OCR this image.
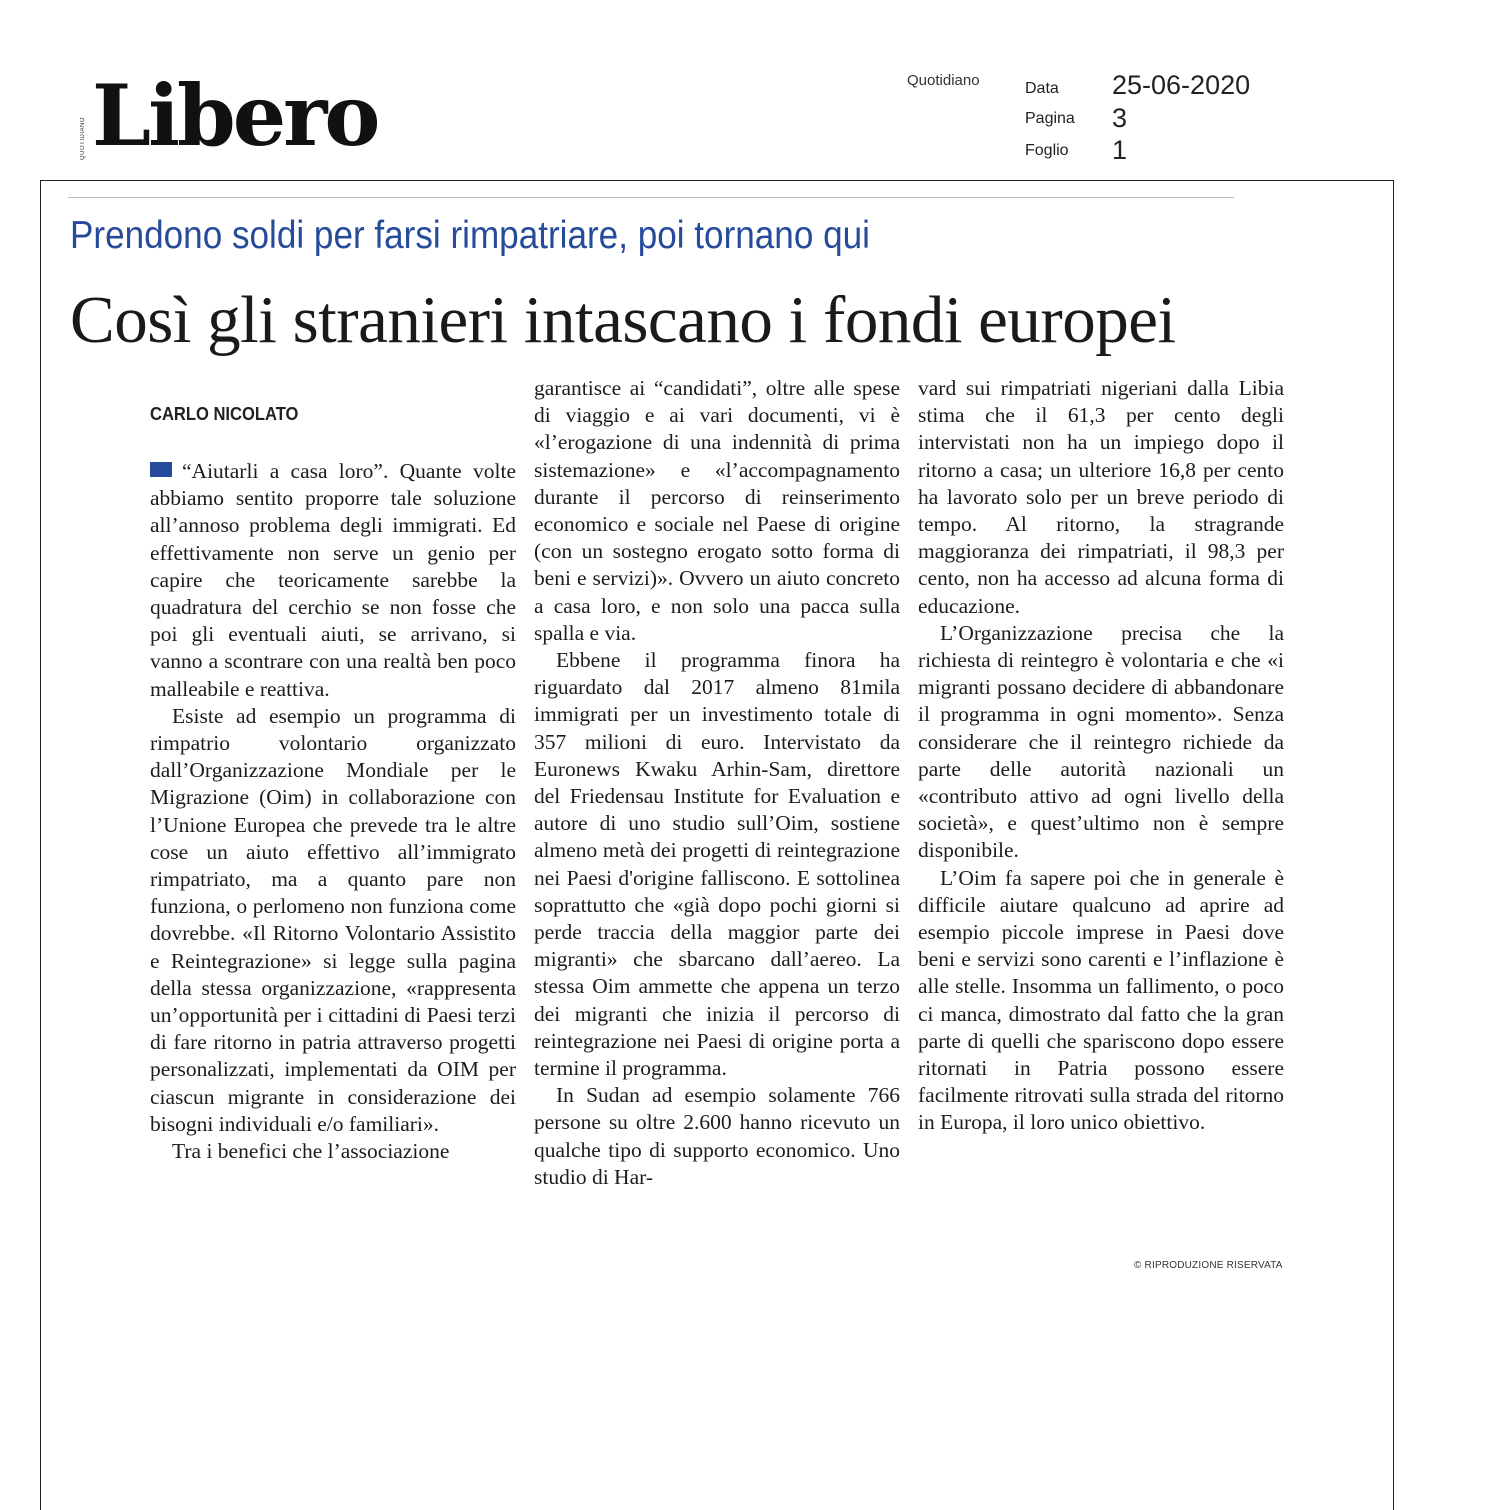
QUOTIDIANO Libero	Quotidiano	Data 25-06-2020
Pagina 3
Foglio 1
Prendono soldi per farsi rimpatriare, poi tornano qui
Così gli stranieri intascano i fondi europei
CARLO NICOLATO

“Aiutarli a casa loro”. Quante volte abbiamo sentito proporre tale soluzione all’annoso problema degli immigrati. Ed effettivamente non serve un genio per capire che teoricamente sarebbe la quadratura del cerchio se non fosse che poi gli eventuali aiuti, se arrivano, si vanno a scontrare con una realtà ben poco malleabile e reattiva.

Esiste ad esempio un programma di rimpatrio volontario organizzato dall’Organizzazione Mondiale per le Migrazione (Oim) in collaborazione con l’Unione Europea che prevede tra le altre cose un aiuto effettivo all’immigrato rimpatriato, ma a quanto pare non funziona, o perlomeno non funziona come dovrebbe. «Il Ritorno Volontario Assistito e Reintegrazione» si legge sulla pagina della stessa organizzazione, «rappresenta un’opportunità per i cittadini di Paesi terzi di fare ritorno in patria attraverso progetti personalizzati, implementati da OIM per ciascun migrante in considerazione dei bisogni individuali e/o familiari».

Tra i benefici che l’associazione

garantisce ai “candidati”, oltre alle spese di viaggio e ai vari documenti, vi è «l’erogazione di una indennità di prima sistemazione» e «l’accompagnamento durante il percorso di reinserimento economico e sociale nel Paese di origine (con un sostegno erogato sotto forma di beni e servizi)». Ovvero un aiuto concreto a casa loro, e non solo una pacca sulla spalla e via.

Ebbene il programma finora ha riguardato dal 2017 almeno 81mila immigrati per un investimento totale di 357 milioni di euro. Intervistato da Euronews Kwaku Arhin-Sam, direttore del Friedensau Institute for Evaluation e autore di uno studio sull’Oim, sostiene almeno metà dei progetti di reintegrazione nei Paesi d'origine falliscono. E sottolinea soprattutto che «già dopo pochi giorni si perde traccia della maggior parte dei migranti» che sbarcano dall’aereo. La stessa Oim ammette che appena un terzo dei migranti che inizia il percorso di reintegrazione nei Paesi di origine porta a termine il programma.

In Sudan ad esempio solamente 766 persone su oltre 2.600 hanno ricevuto un qualche tipo di supporto economico. Uno studio di Har-

vard sui rimpatriati nigeriani dalla Libia stima che il 61,3 per cento degli intervistati non ha un impiego dopo il ritorno a casa; un ulteriore 16,8 per cento ha lavorato solo per un breve periodo di tempo. Al ritorno, la stragrande maggioranza dei rimpatriati, il 98,3 per cento, non ha accesso ad alcuna forma di educazione.

L’Organizzazione precisa che la richiesta di reintegro è volontaria e che «i migranti possano decidere di abbandonare il programma in ogni momento». Senza considerare che il reintegro richiede da parte delle autorità nazionali un «contributo attivo ad ogni livello della società», e quest’ultimo non è sempre disponibile.

L’Oim fa sapere poi che in generale è difficile aiutare qualcuno ad aprire ad esempio piccole imprese in Paesi dove beni e servizi sono carenti e l’inflazione è alle stelle. Insomma un fallimento, o poco ci manca, dimostrato dal fatto che la gran parte di quelli che spariscono dopo essere ritornati in Patria possono essere facilmente ritrovati sulla strada del ritorno in Europa, il loro unico obiettivo.

© RIPRODUZIONE RISERVATA
